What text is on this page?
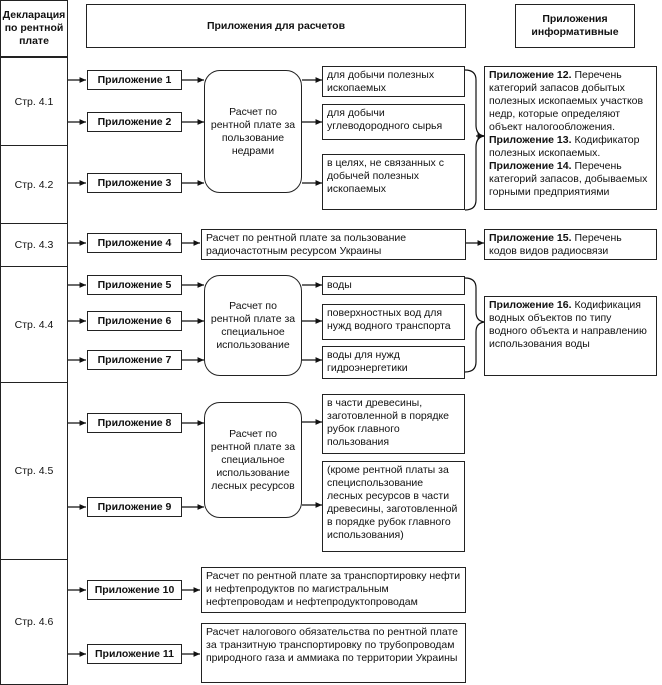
Декларация по рентной плате
Приложения для расчетов
Приложения информативные
Стр. 4.1
Стр. 4.2
Стр. 4.3
Стр. 4.4
Стр. 4.5
Стр. 4.6
Приложение 1
Приложение 2
Приложение 3
Приложение 4
Приложение 5
Приложение 6
Приложение 7
Приложение 8
Приложение 9
Приложение 10
Приложение 11
Расчет по рентной плате за пользование недрами
Расчет по рентной плате за специальное использование
Расчет по рентной плате за специальное использование лесных ресурсов
Расчет по рентной плате за пользование радиочастотным ресурсом Украины
Расчет по рентной плате за транспортировку нефти и нефтепродуктов по магистральным нефтепроводам и нефтепродуктопроводам
Расчет налогового обязательства по рентной плате за транзитную транспортировку по трубопроводам природного газа и аммиака по территории Украины
для добычи полезных ископаемых
для добычи углеводородного сырья
в целях, не связанных с добычей полезных ископаемых
воды
поверхностных вод для нужд водного транспорта
воды для нужд гидроэнергетики
в части древесины, заготовленной в порядке рубок главного пользования
(кроме рентной платы за специспользование лесных ресурсов в части древесины, заготовленной в порядке рубок главного использования)
Приложение 12. Перечень категорий запасов добытых полезных ископаемых участков недр, которые определяют объект налогообложения.
Приложение 13. Кодификатор полезных ископаемых.
Приложение 14. Перечень категорий запасов, добываемых горными предприятиями
Приложение 15. Перечень кодов видов радиосвязи
Приложение 16. Кодификация водных объектов по типу водного объекта и направлению использования воды
